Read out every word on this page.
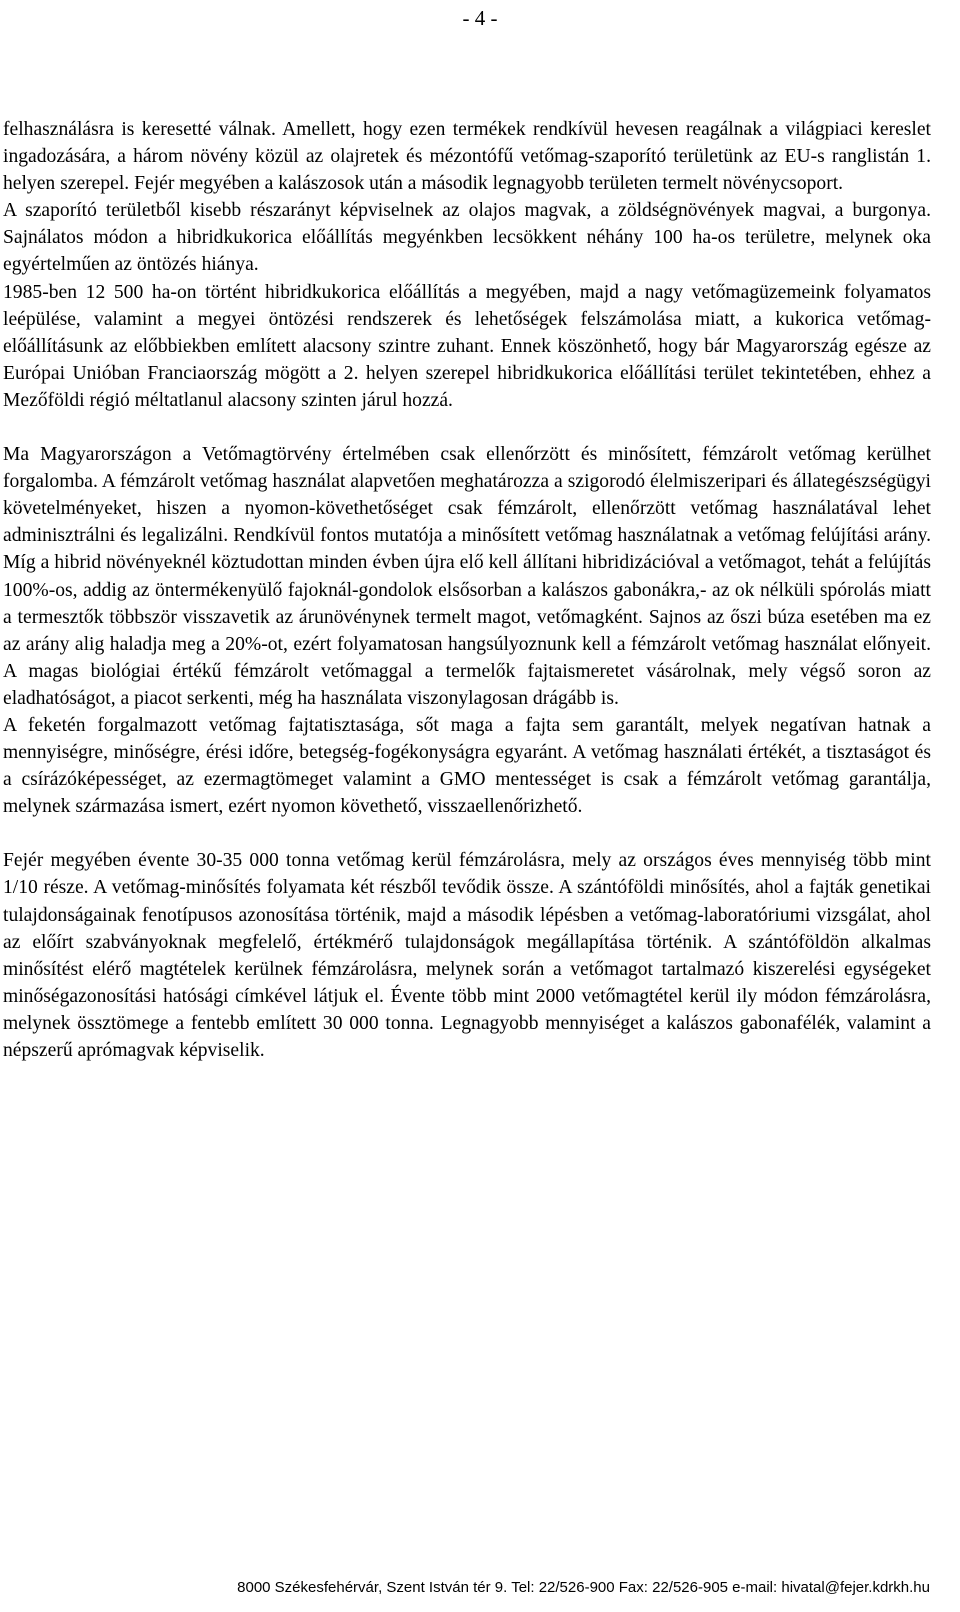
- 4 -

felhasználásra is keresetté válnak. Amellett, hogy ezen termékek rendkívül hevesen reagálnak a világpiaci kereslet ingadozására, a három növény közül az olajretek és mézontófű vetőmag-szaporító területünk az EU-s ranglistán 1. helyen szerepel. Fejér megyében a kalászosok után a második legnagyobb területen termelt növénycsoport.

A szaporító területből kisebb részarányt képviselnek az olajos magvak, a zöldségnövények magvai, a burgonya. Sajnálatos módon a hibridkukorica előállítás megyénkben lecsökkent néhány 100 ha-os területre, melynek oka egyértelműen az öntözés hiánya.

1985-ben 12 500 ha-on történt hibridkukorica előállítás a megyében, majd a nagy vetőmagüzemeink folyamatos leépülése, valamint a megyei öntözési rendszerek és lehetőségek felszámolása miatt, a kukorica vetőmag-előállításunk az előbbiekben említett alacsony szintre zuhant. Ennek köszönhető, hogy bár Magyarország egésze az Európai Unióban Franciaország mögött a 2. helyen szerepel hibridkukorica előállítási terület tekintetében, ehhez a Mezőföldi régió méltatlanul alacsony szinten járul hozzá.

Ma Magyarországon a Vetőmagtörvény értelmében csak ellenőrzött és minősített, fémzárolt vetőmag kerülhet forgalomba. A fémzárolt vetőmag használat alapvetően meghatározza a szigorodó élelmiszeripari és állategészségügyi követelményeket, hiszen a nyomon-követhetőséget csak fémzárolt, ellenőrzött vetőmag használatával lehet adminisztrálni és legalizálni. Rendkívül fontos mutatója a minősített vetőmag használatnak a vetőmag felújítási arány. Míg a hibrid növényeknél köztudottan minden évben újra elő kell állítani hibridizációval a vetőmagot, tehát a felújítás 100%-os, addig az öntermékenyülő fajoknál-gondolok elsősorban a kalászos gabonákra,- az ok nélküli spórolás miatt a termesztők többször visszavetik az árunövénynek termelt magot, vetőmagként. Sajnos az őszi búza esetében ma ez az arány alig haladja meg a 20%-ot, ezért folyamatosan hangsúlyoznunk kell a fémzárolt vetőmag használat előnyeit. A magas biológiai értékű fémzárolt vetőmaggal a termelők fajtaismeretet vásárolnak, mely végső soron az eladhatóságot, a piacot serkenti, még ha használata viszonylagosan drágább is.

A feketén forgalmazott vetőmag fajtatisztasága, sőt maga a fajta sem garantált, melyek negatívan hatnak a mennyiségre, minőségre, érési időre, betegség-fogékonyságra egyaránt. A vetőmag használati értékét, a tisztaságot és a csírázóképességet, az ezermagtömeget valamint a GMO mentességet is csak a fémzárolt vetőmag garantálja, melynek származása ismert, ezért nyomon követhető, visszaellenőrizhető.

Fejér megyében évente 30-35 000 tonna vetőmag kerül fémzárolásra, mely az országos éves mennyiség több mint 1/10 része. A vetőmag-minősítés folyamata két részből tevődik össze. A szántóföldi minősítés, ahol a fajták genetikai tulajdonságainak fenotípusos azonosítása történik, majd a második lépésben a vetőmag-laboratóriumi vizsgálat, ahol az előírt szabványoknak megfelelő, értékmérő tulajdonságok megállapítása történik. A szántóföldön alkalmas minősítést elérő magtételek kerülnek fémzárolásra, melynek során a vetőmagot tartalmazó kiszerelési egységeket minőségazonosítási hatósági címkével látjuk el. Évente több mint 2000 vetőmagtétel kerül ily módon fémzárolásra, melynek össztömege a fentebb említett 30 000 tonna. Legnagyobb mennyiséget a kalászos gabonafélék, valamint a népszerű aprómagvak képviselik.

8000 Székesfehérvár, Szent István tér 9. Tel: 22/526-900 Fax: 22/526-905 e-mail: hivatal@fejer.kdrkh.hu
